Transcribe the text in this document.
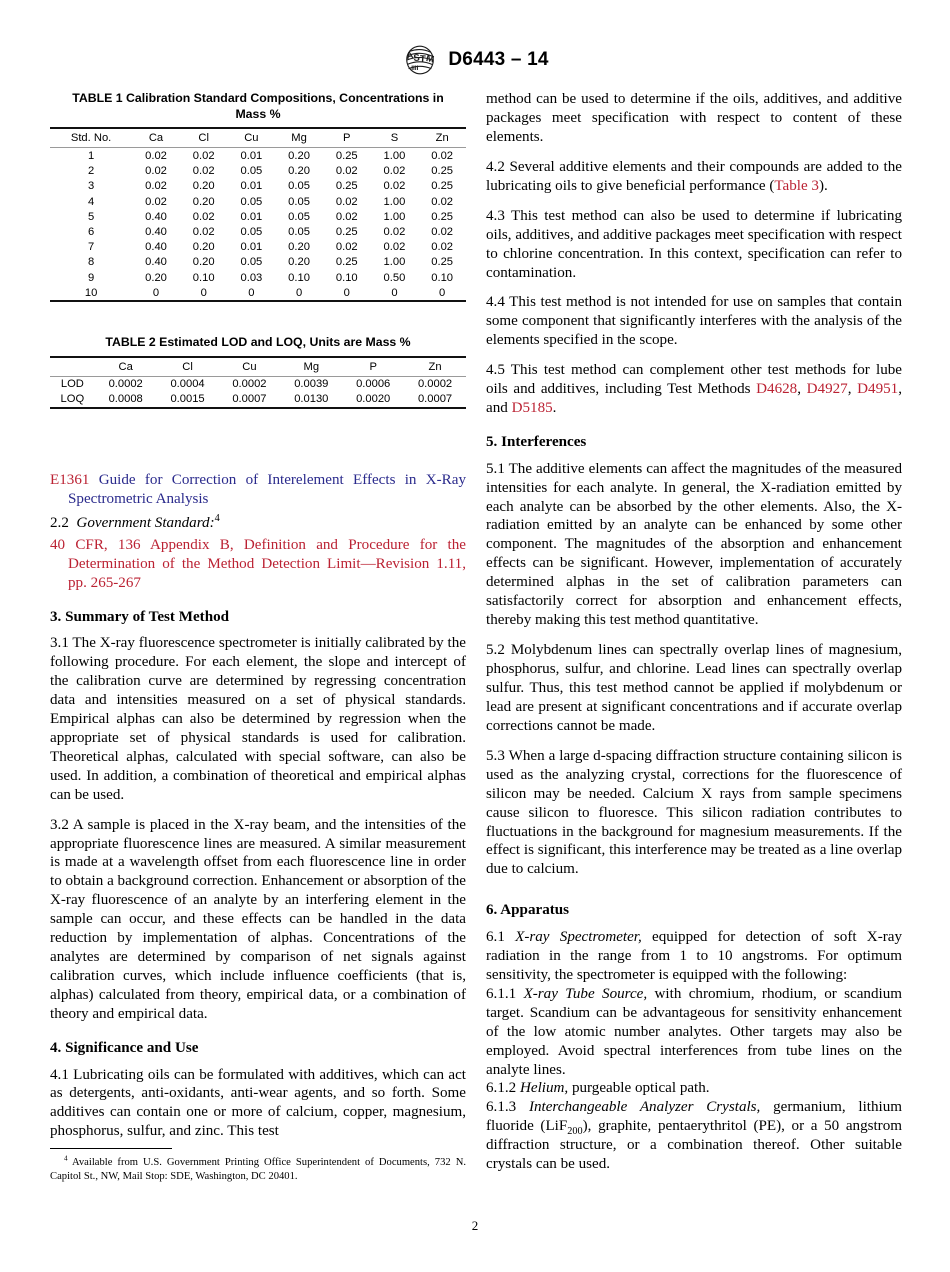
A
S T
M
IIII D6443 – 14
TABLE 1 Calibration Standard Compositions, Concentrations in Mass %
Std. No.	Ca	Cl	Cu	Mg	P	S	Zn
1	0.02	0.02	0.01	0.20	0.25	1.00	0.02
2	0.02	0.02	0.05	0.20	0.02	0.02	0.25
3	0.02	0.20	0.01	0.05	0.25	0.02	0.25
4	0.02	0.20	0.05	0.05	0.02	1.00	0.02
5	0.40	0.02	0.01	0.05	0.02	1.00	0.25
6	0.40	0.02	0.05	0.05	0.25	0.02	0.02
7	0.40	0.20	0.01	0.20	0.02	0.02	0.02
8	0.40	0.20	0.05	0.20	0.25	1.00	0.25
9	0.20	0.10	0.03	0.10	0.10	0.50	0.10
10	0	0	0	0	0	0	0
TABLE 2 Estimated LOD and LOQ, Units are Mass %
	Ca	Cl	Cu	Mg	P	Zn
LOD	0.0002	0.0004	0.0002	0.0039	0.0006	0.0002
LOQ	0.0008	0.0015	0.0007	0.0130	0.0020	0.0007

E1361 Guide for Correction of Interelement Effects in X-Ray Spectrometric Analysis

2.2 Government Standard:$^4$

40 CFR, 136 Appendix B, Definition and Procedure for the Determination of the Method Detection Limit—Revision 1.11, pp. 265-267

3. Summary of Test Method

3.1 The X-ray fluorescence spectrometer is initially calibrated by the following procedure. For each element, the slope and intercept of the calibration curve are determined by regressing concentration data and intensities measured on a set of physical standards. Empirical alphas can also be determined by regression when the appropriate set of physical standards is used for calibration. Theoretical alphas, calculated with special software, can also be used. In addition, a combination of theoretical and empirical alphas can be used.

3.2 A sample is placed in the X-ray beam, and the intensities of the appropriate fluorescence lines are measured. A similar measurement is made at a wavelength offset from each fluorescence line in order to obtain a background correction. Enhancement or absorption of the X-ray fluorescence of an analyte by an interfering element in the sample can occur, and these effects can be handled in the data reduction by implementation of alphas. Concentrations of the analytes are determined by comparison of net signals against calibration curves, which include influence coefficients (that is, alphas) calculated from theory, empirical data, or a combination of theory and empirical data.

4. Significance and Use

4.1 Lubricating oils can be formulated with additives, which can act as detergents, anti-oxidants, anti-wear agents, and so forth. Some additives can contain one or more of calcium, copper, magnesium, phosphorus, sulfur, and zinc. This test

method can be used to determine if the oils, additives, and additive packages meet specification with respect to content of these elements.

4.2 Several additive elements and their compounds are added to the lubricating oils to give beneficial performance (Table 3).

4.3 This test method can also be used to determine if lubricating oils, additives, and additive packages meet specification with respect to chlorine concentration. In this context, specification can refer to contamination.

4.4 This test method is not intended for use on samples that contain some component that significantly interferes with the analysis of the elements specified in the scope.

4.5 This test method can complement other test methods for lube oils and additives, including Test Methods D4628, D4927, D4951, and D5185.

5. Interferences

5.1 The additive elements can affect the magnitudes of the measured intensities for each analyte. In general, the X-radiation emitted by each analyte can be absorbed by the other elements. Also, the X-radiation emitted by an analyte can be enhanced by some other component. The magnitudes of the absorption and enhancement effects can be significant. However, implementation of accurately determined alphas in the set of calibration parameters can satisfactorily correct for absorption and enhancement effects, thereby making this test method quantitative.

5.2 Molybdenum lines can spectrally overlap lines of magnesium, phosphorus, sulfur, and chlorine. Lead lines can spectrally overlap sulfur. Thus, this test method cannot be applied if molybdenum or lead are present at significant concentrations and if accurate overlap corrections cannot be made.

5.3 When a large d-spacing diffraction structure containing silicon is used as the analyzing crystal, corrections for the fluorescence of silicon may be needed. Calcium X rays from sample specimens cause silicon to fluoresce. This silicon radiation contributes to fluctuations in the background for magnesium measurements. If the effect is significant, this interference may be treated as a line overlap due to calcium.

6. Apparatus

6.1 X-ray Spectrometer, equipped for detection of soft X-ray radiation in the range from 1 to 10 angstroms. For optimum sensitivity, the spectrometer is equipped with the following:

6.1.1 X-ray Tube Source, with chromium, rhodium, or scandium target. Scandium can be advantageous for sensitivity enhancement of the low atomic number analytes. Other targets may also be employed. Avoid spectral interferences from tube lines on the analyte lines.

6.1.2 Helium, purgeable optical path.

6.1.3 Interchangeable Analyzer Crystals, germanium, lithium fluoride (LiF$_{200}$), graphite, pentaerythritol (PE), or a 50 angstrom diffraction structure, or a combination thereof. Other suitable crystals can be used.

$^4$ Available from U.S. Government Printing Office Superintendent of Documents, 732 N. Capitol St., NW, Mail Stop: SDE, Washington, DC 20401.

2
